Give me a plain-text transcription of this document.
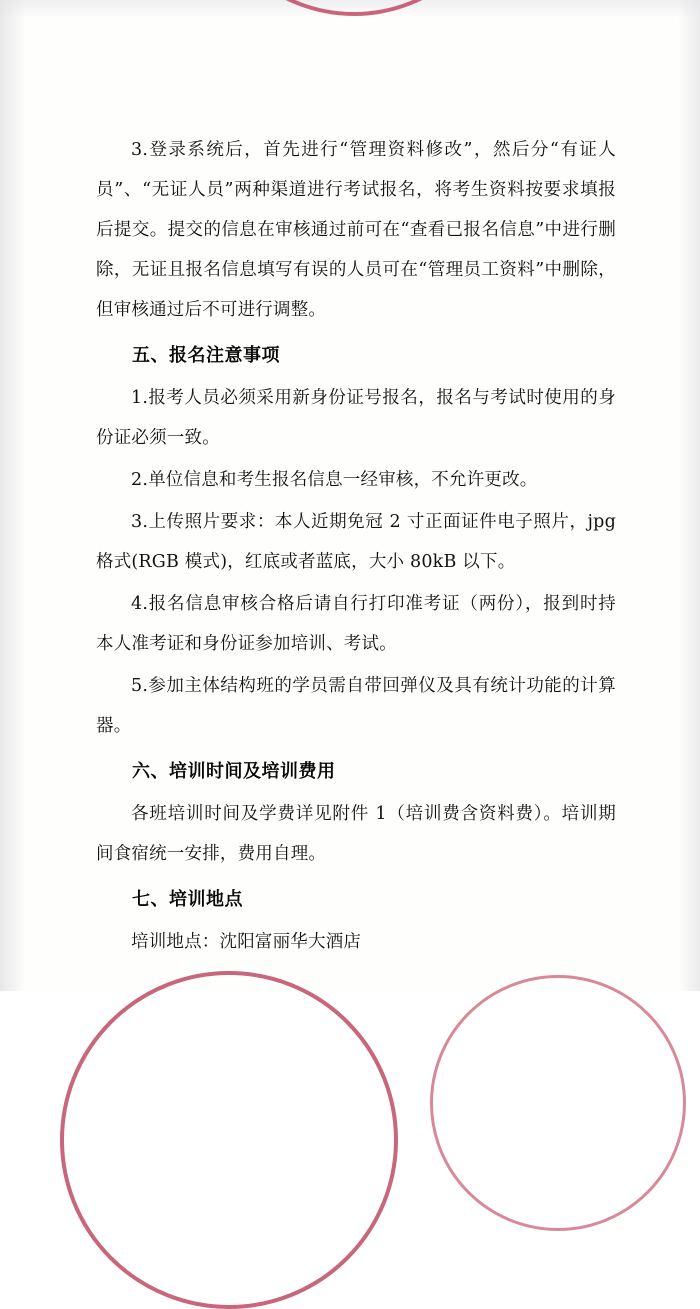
3.登录系统后，首先进行“管理资料修改”，然后分“有证人员”、“无证人员”两种渠道进行考试报名，将考生资料按要求填报后提交。提交的信息在审核通过前可在“查看已报名信息”中进行删除，无证且报名信息填写有误的人员可在“管理员工资料”中删除，但审核通过后不可进行调整。

五、报名注意事项

1.报考人员必须采用新身份证号报名，报名与考试时使用的身份证必须一致。

2.单位信息和考生报名信息一经审核，不允许更改。

3.上传照片要求：本人近期免冠 2 寸正面证件电子照片，jpg 格式(RGB 模式)，红底或者蓝底，大小 80kB 以下。

4.报名信息审核合格后请自行打印准考证（两份），报到时持本人准考证和身份证参加培训、考试。

5.参加主体结构班的学员需自带回弹仪及具有统计功能的计算器。

六、培训时间及培训费用

各班培训时间及学费详见附件 1（培训费含资料费）。培训期间食宿统一安排，费用自理。

七、培训地点

培训地点：沈阳富丽华大酒店
